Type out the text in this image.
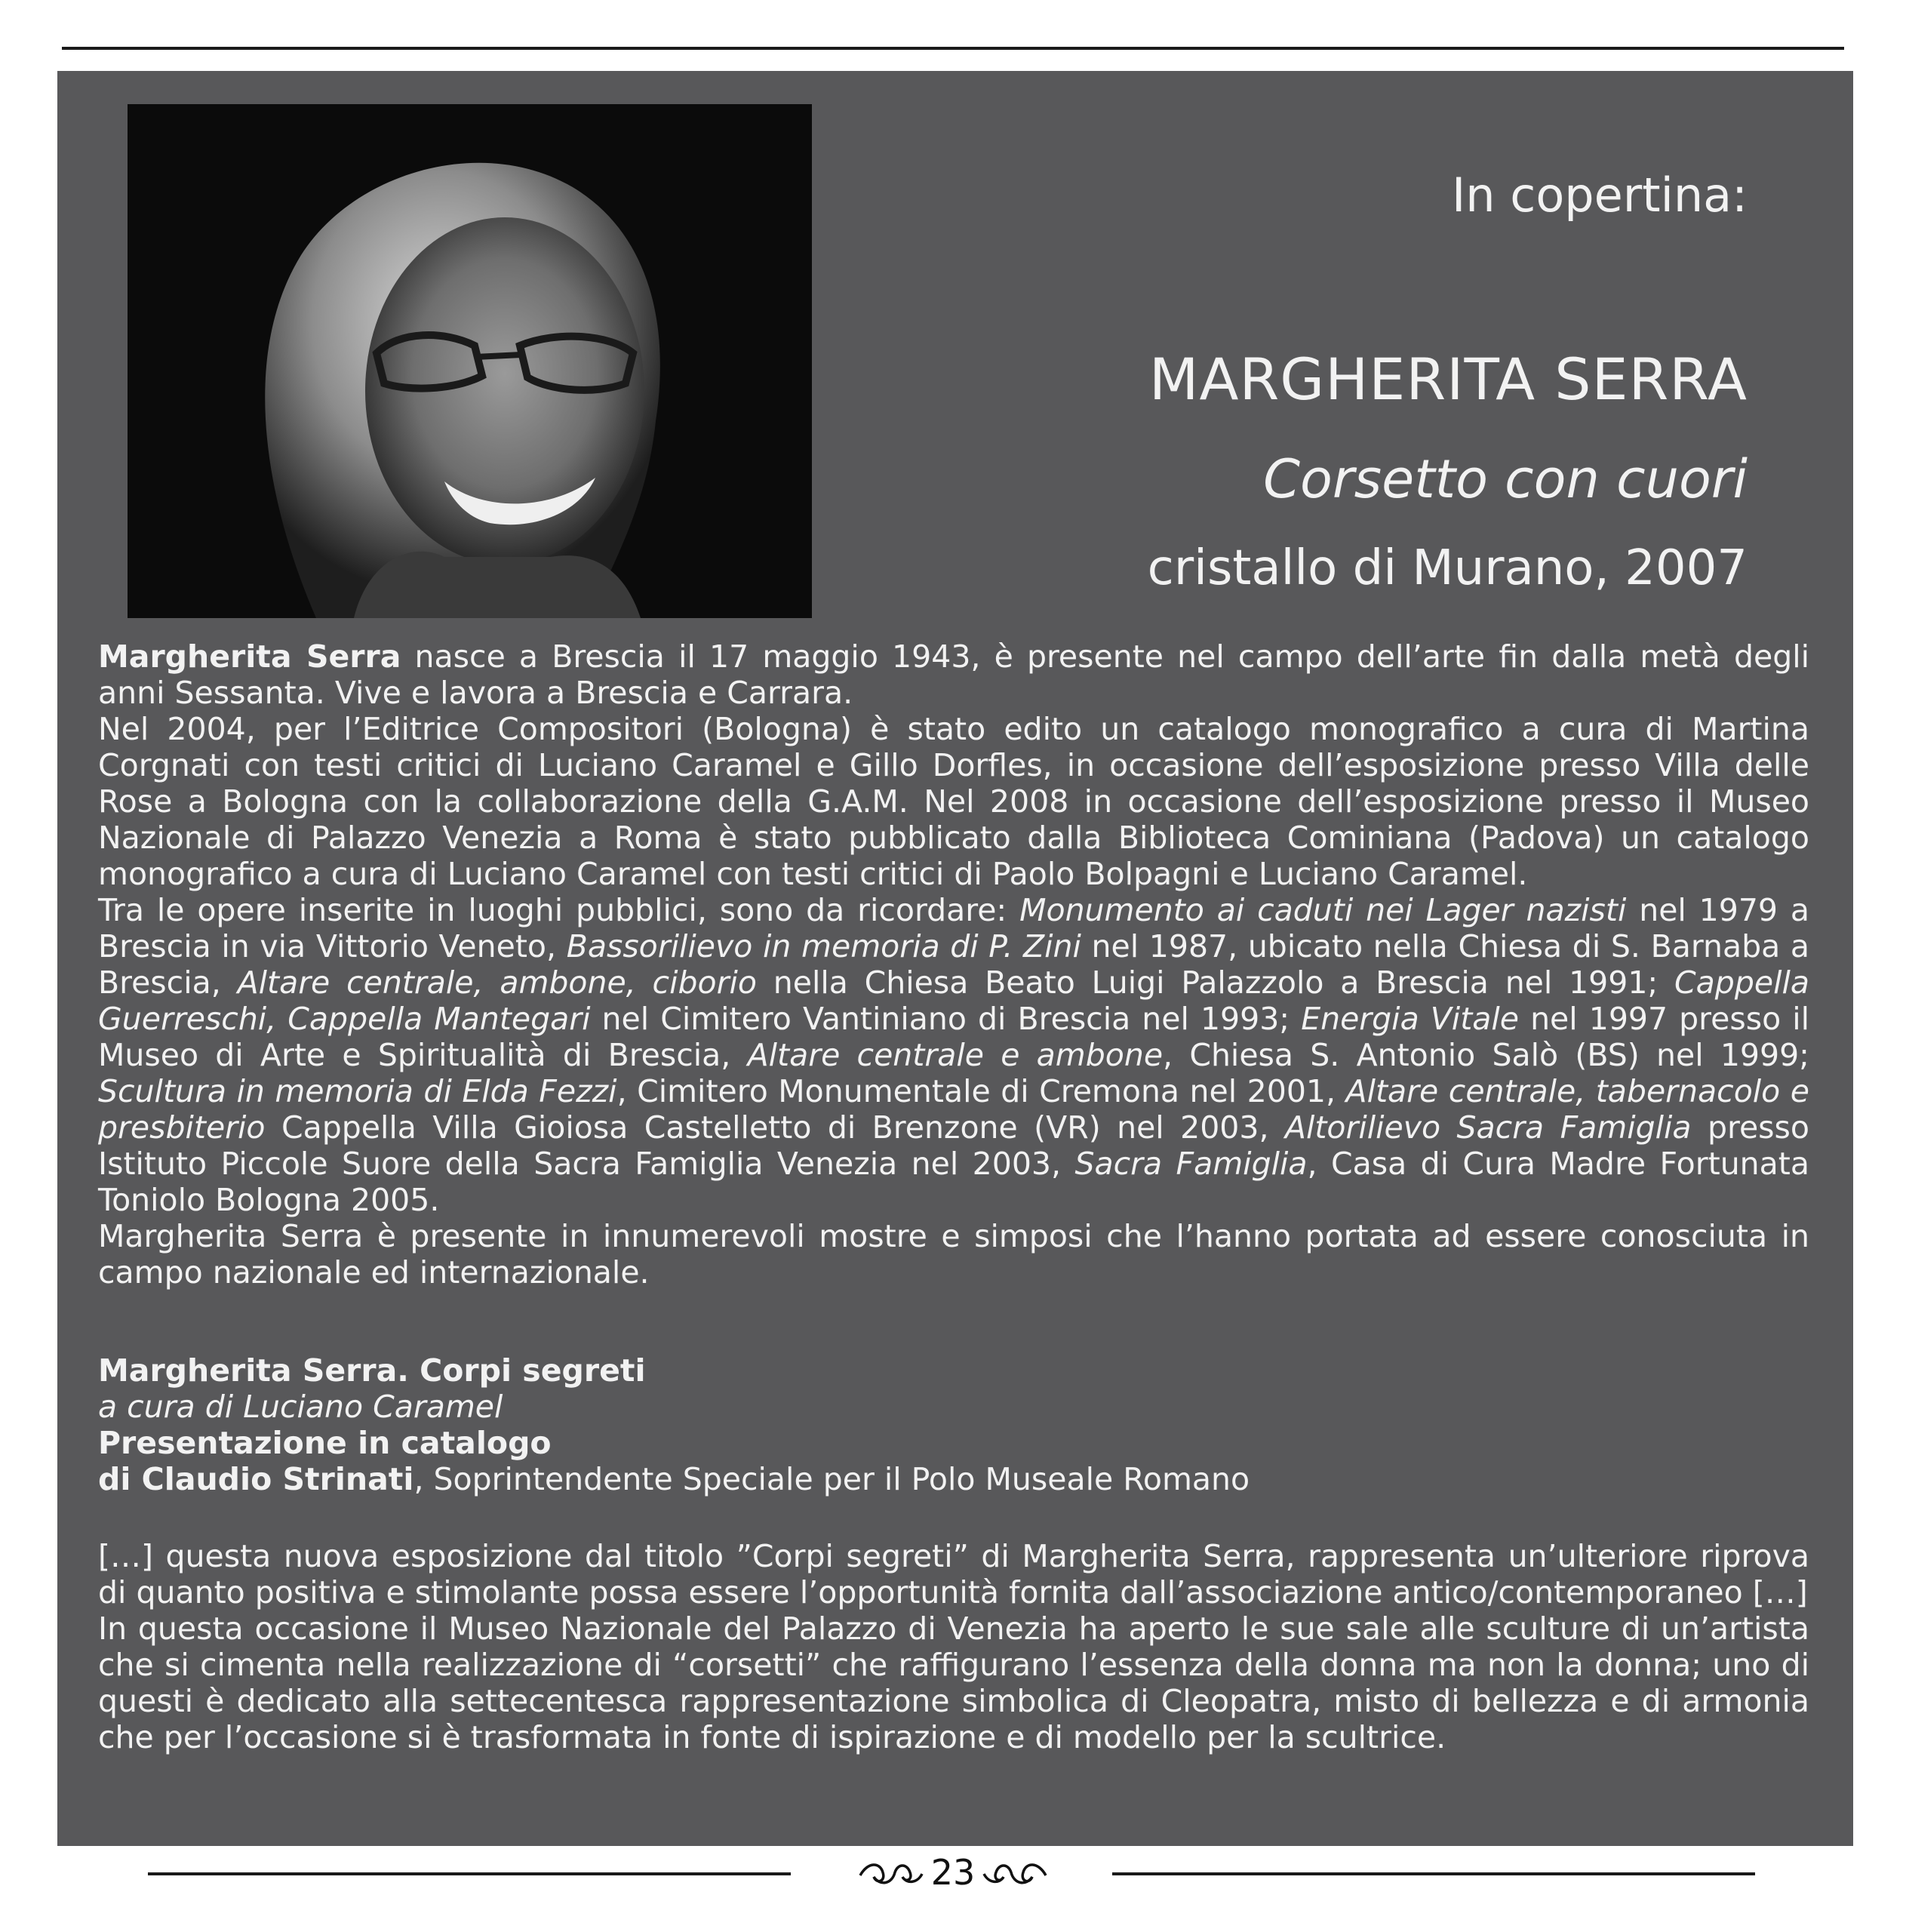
In copertina:
MARGHERITA SERRA
Corsetto con cuori
cristallo di Murano, 2007

Margherita Serra nasce a Brescia il 17 maggio 1943, è presente nel campo dell’arte fin dalla metà degli anni Sessanta. Vive e lavora a Brescia e Carrara.

Nel 2004, per l’Editrice Compositori (Bologna) è stato edito un catalogo monografico a cura di Martina Corgnati con testi critici di Luciano Caramel e Gillo Dorfles, in occasione dell’esposizione presso Villa delle Rose a Bologna con la collaborazione della G.A.M. Nel 2008 in occasione dell’esposizione presso il Museo Nazionale di Palazzo Venezia a Roma è stato pubblicato dalla Biblioteca Cominiana (Padova) un catalogo monografico a cura di Luciano Caramel con testi critici di Paolo Bolpagni e Luciano Caramel.

Tra le opere inserite in luoghi pubblici, sono da ricordare: Monumento ai caduti nei Lager nazisti nel 1979 a Brescia in via Vittorio Veneto, Bassorilievo in memoria di P. Zini nel 1987, ubicato nella Chiesa di S. Barnaba a Brescia, Altare centrale, ambone, ciborio nella Chiesa Beato Luigi Palazzolo a Brescia nel 1991; Cappella Guerreschi, Cappella Mantegari nel Cimitero Vantiniano di Brescia nel 1993; Energia Vitale nel 1997 presso il Museo di Arte e Spiritualità di Brescia, Altare centrale e ambone, Chiesa S. Antonio Salò (BS) nel 1999; Scultura in memoria di Elda Fezzi, Cimitero Monumentale di Cremona nel 2001, Altare centrale, tabernacolo e presbiterio Cappella Villa Gioiosa Castelletto di Brenzone (VR) nel 2003, Altorilievo Sacra Famiglia presso Istituto Piccole Suore della Sacra Famiglia Venezia nel 2003, Sacra Famiglia, Casa di Cura Madre Fortunata Toniolo Bologna 2005.

Margherita Serra è presente in innumerevoli mostre e simposi che l’hanno portata ad essere conosciuta in campo nazionale ed internazionale.

Margherita Serra. Corpi segreti

a cura di Luciano Caramel

Presentazione in catalogo

di Claudio Strinati, Soprintendente Speciale per il Polo Museale Romano

[…] questa nuova esposizione dal titolo ”Corpi segreti” di Margherita Serra, rappresenta un’ulteriore riprova di quanto positiva e stimolante possa essere l’opportunità fornita dall’associazione antico/contemporaneo […]

In questa occasione il Museo Nazionale del Palazzo di Venezia ha aperto le sue sale alle sculture di un’artista che si cimenta nella realizzazione di “corsetti” che raffigurano l’essenza della donna ma non la donna; uno di questi è dedicato alla settecentesca rappresentazione simbolica di Cleopatra, misto di bellezza e di armonia che per l’occasione si è trasformata in fonte di ispirazione e di modello per la scultrice.

23
